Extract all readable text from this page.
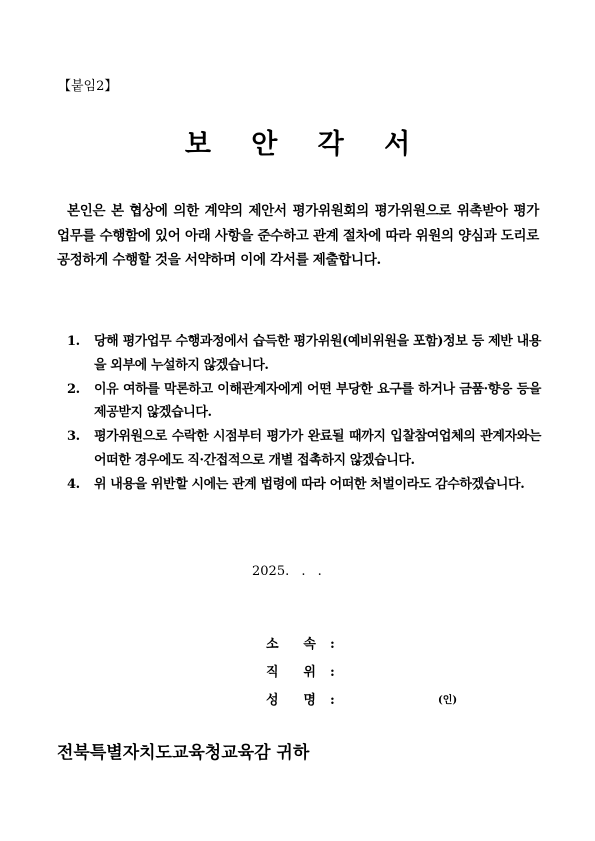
【붙임2】
보 안 각 서

본인은 본 협상에 의한 계약의 제안서 평가위원회의 평가위원으로 위촉받아 평가업무를 수행함에 있어 아래 사항을 준수하고 관계 절차에 따라 위원의 양심과 도리로 공정하게 수행할 것을 서약하며 이에 각서를 제출합니다.

1. 당해 평가업무 수행과정에서 습득한 평가위원(예비위원을 포함)정보 등 제반 내용을 외부에 누설하지 않겠습니다.
2. 이유 여하를 막론하고 이해관계자에게 어떤 부당한 요구를 하거나 금품·향응 등을 제공받지 않겠습니다.
3. 평가위원으로 수락한 시점부터 평가가 완료될 때까지 입찰참여업체의 관계자와는 어떠한 경우에도 직·간접적으로 개별 접촉하지 않겠습니다.
4. 위 내용을 위반할 시에는 관계 법령에 따라 어떠한 처벌이라도 감수하겠습니다.
2025. . .
소 속 :
직 위 :
성 명 :	(인)
전북특별자치도교육청교육감 귀하
